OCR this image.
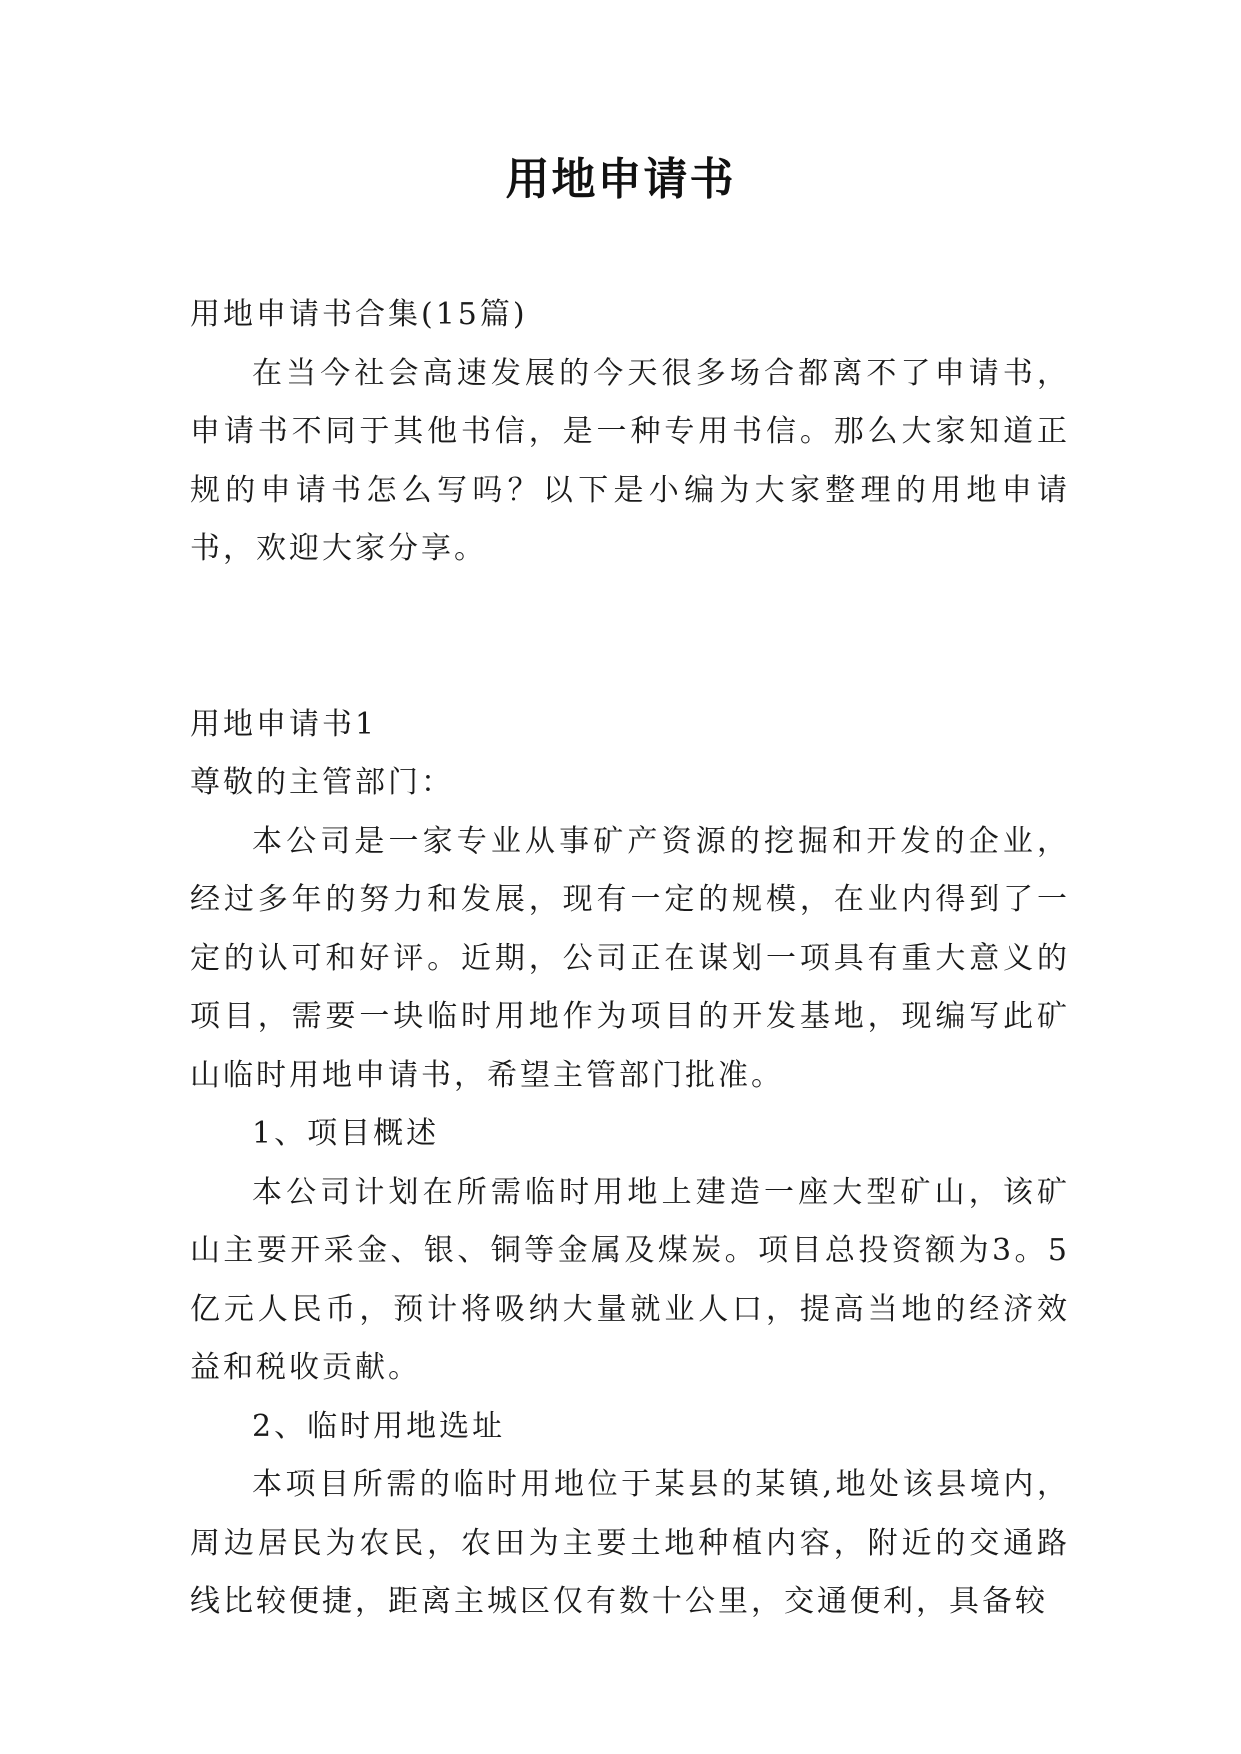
用地申请书

用地申请书合集(15篇)

在当今社会高速发展的今天很多场合都离不了申请书，申请书不同于其他书信，是一种专用书信。那么大家知道正规的申请书怎么写吗？以下是小编为大家整理的用地申请书，欢迎大家分享。

用地申请书1

尊敬的主管部门：

本公司是一家专业从事矿产资源的挖掘和开发的企业，经过多年的努力和发展，现有一定的规模，在业内得到了一定的认可和好评。近期，公司正在谋划一项具有重大意义的项目，需要一块临时用地作为项目的开发基地，现编写此矿山临时用地申请书，希望主管部门批准。

1、项目概述

本公司计划在所需临时用地上建造一座大型矿山，该矿山主要开采金、银、铜等金属及煤炭。项目总投资额为3。5亿元人民币，预计将吸纳大量就业人口，提高当地的经济效益和税收贡献。

2、临时用地选址

本项目所需的临时用地位于某县的某镇,地处该县境内，周边居民为农民，农田为主要土地种植内容，附近的交通路线比较便捷，距离主城区仅有数十公里，交通便利，具备较
